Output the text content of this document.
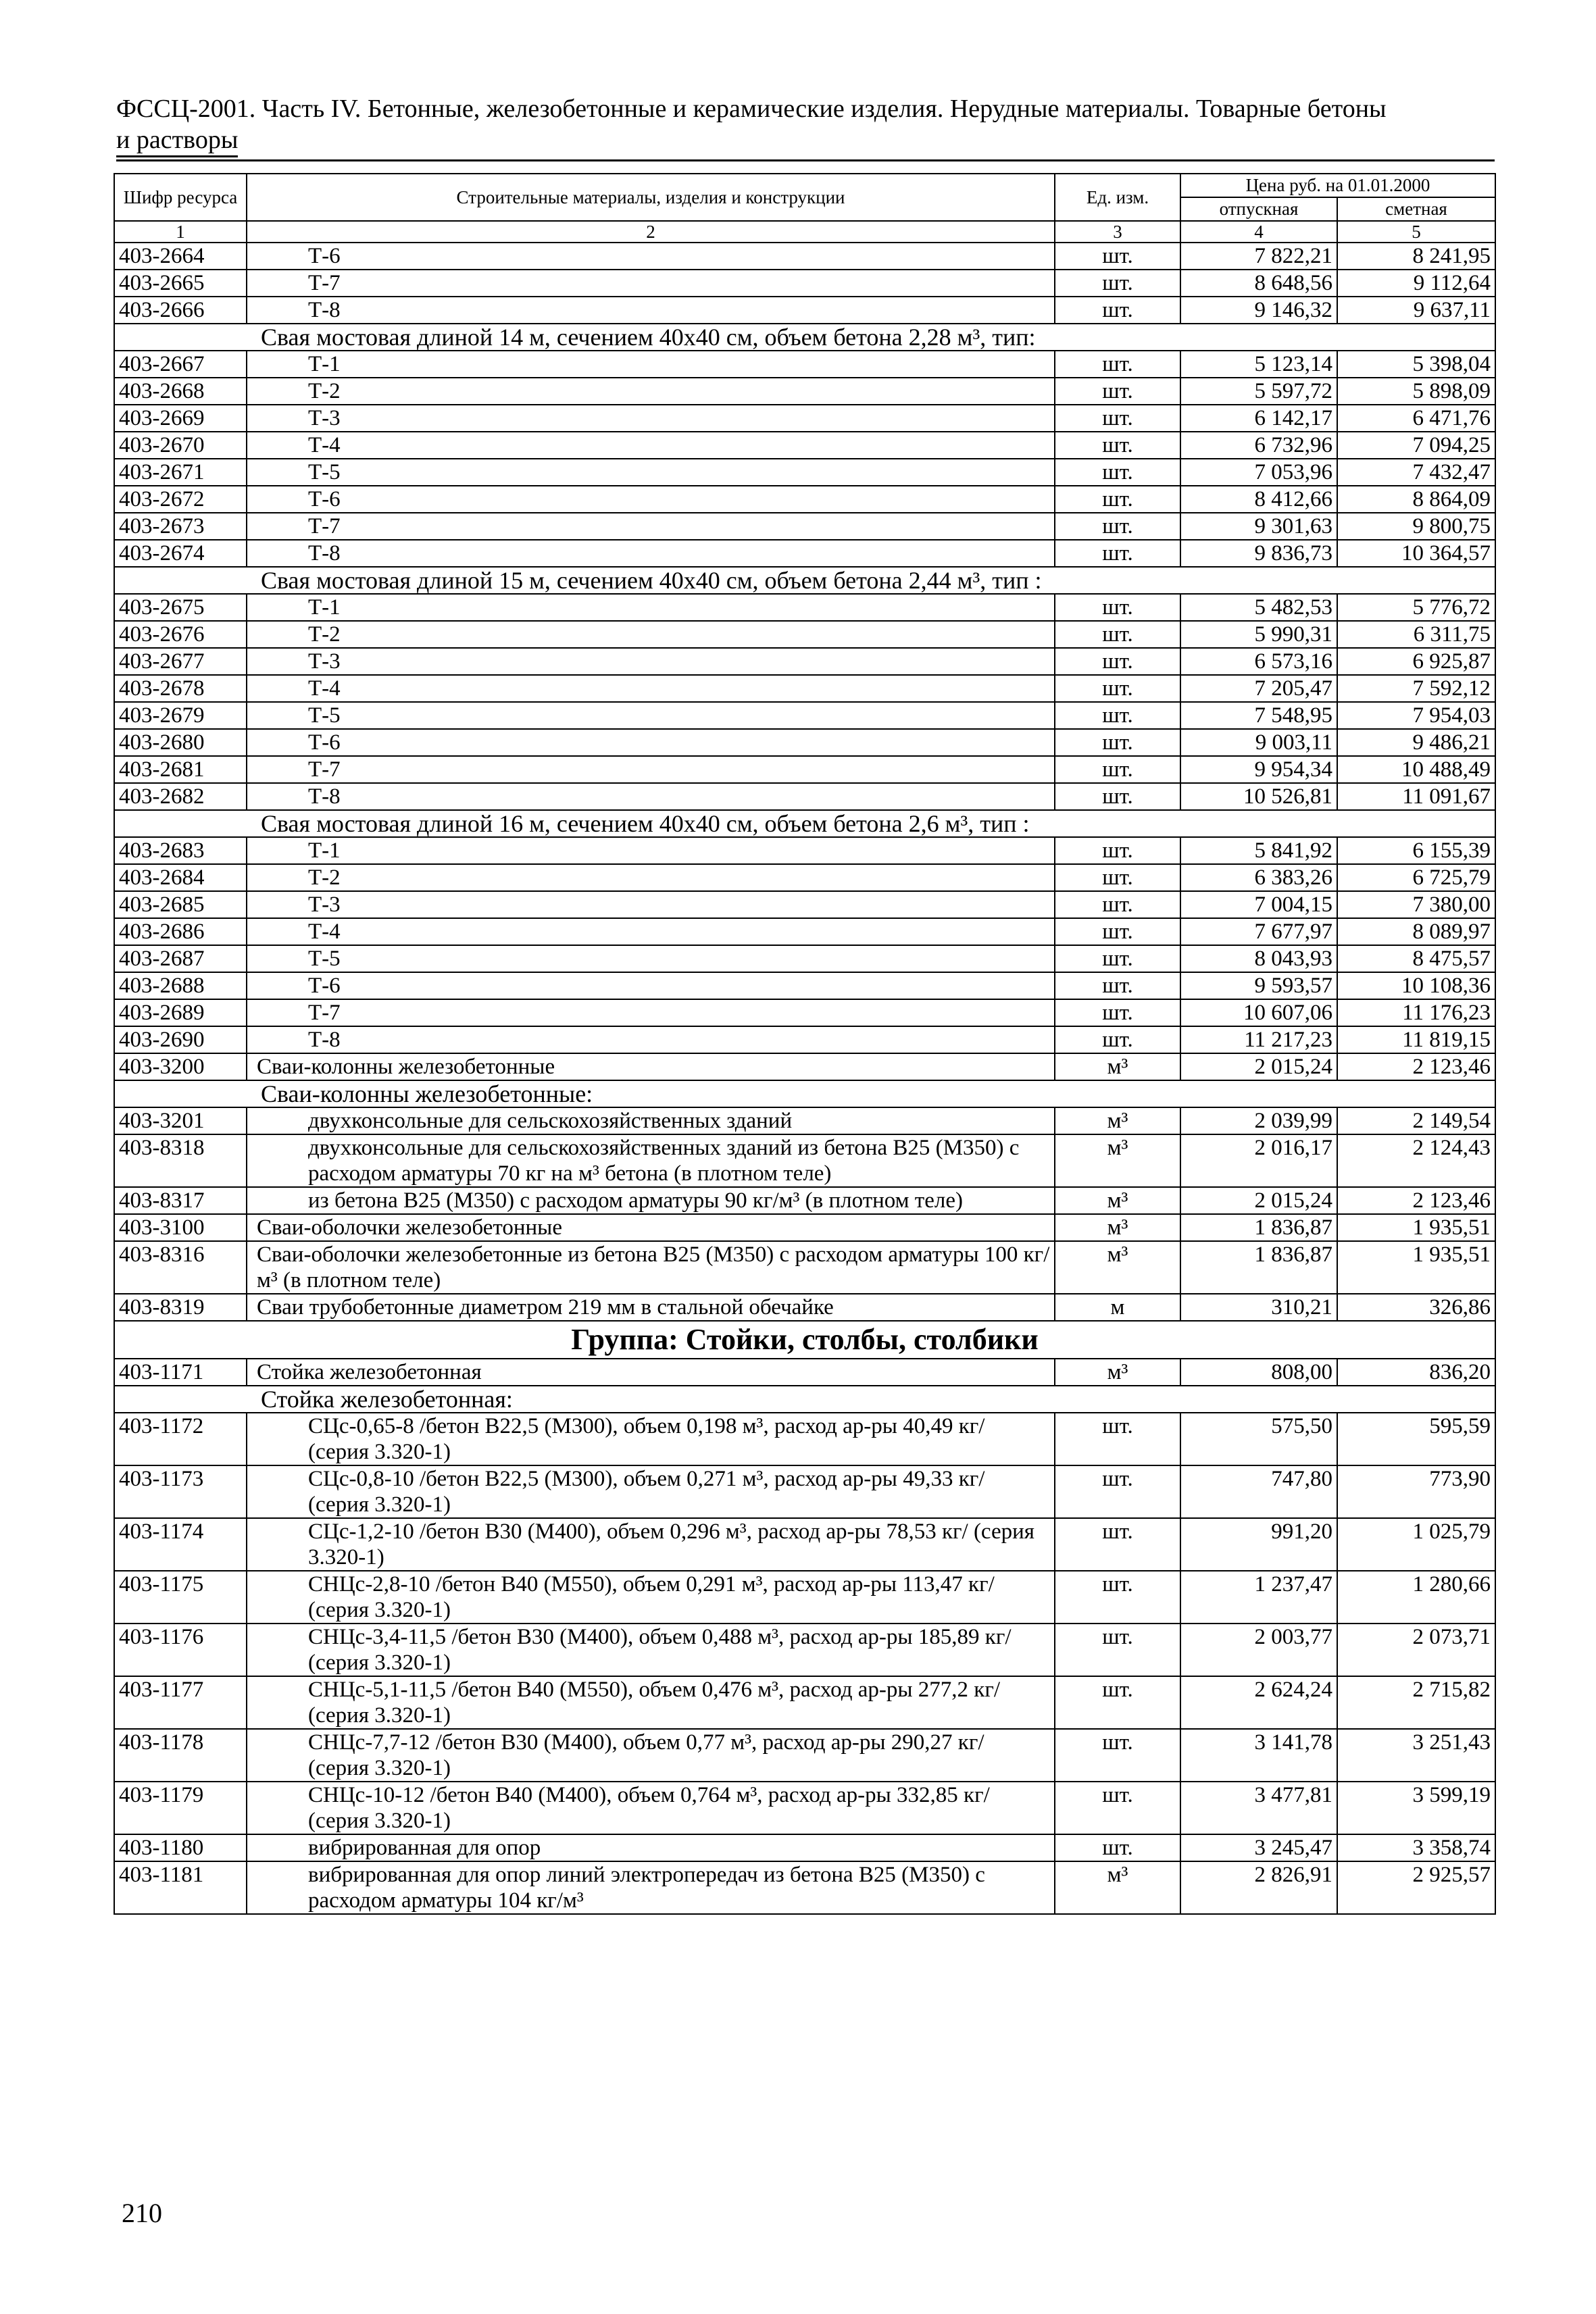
ФССЦ-2001. Часть IV. Бетонные, железобетонные и керамические изделия. Нерудные материалы. Товарные бетоны
и растворы
Шифр ресурса	Строительные материалы, изделия и конструкции	Ед. изм.	Цена руб. на 01.01.2000	
			отпускная	сметная
1	2	3	4	5
403-2664	Т-6	шт.	7 822,21	8 241,95
403-2665	Т-7	шт.	8 648,56	9 112,64
403-2666	Т-8	шт.	9 146,32	9 637,11
Свая мостовая длиной 14 м, сечением 40х40 см, объем бетона 2,28 м³, тип:				
403-2667	Т-1	шт.	5 123,14	5 398,04
403-2668	Т-2	шт.	5 597,72	5 898,09
403-2669	Т-3	шт.	6 142,17	6 471,76
403-2670	Т-4	шт.	6 732,96	7 094,25
403-2671	Т-5	шт.	7 053,96	7 432,47
403-2672	Т-6	шт.	8 412,66	8 864,09
403-2673	Т-7	шт.	9 301,63	9 800,75
403-2674	Т-8	шт.	9 836,73	10 364,57
Свая мостовая длиной 15 м, сечением 40х40 см, объем бетона 2,44 м³, тип :				
403-2675	Т-1	шт.	5 482,53	5 776,72
403-2676	Т-2	шт.	5 990,31	6 311,75
403-2677	Т-3	шт.	6 573,16	6 925,87
403-2678	Т-4	шт.	7 205,47	7 592,12
403-2679	Т-5	шт.	7 548,95	7 954,03
403-2680	Т-6	шт.	9 003,11	9 486,21
403-2681	Т-7	шт.	9 954,34	10 488,49
403-2682	Т-8	шт.	10 526,81	11 091,67
Свая мостовая длиной 16 м, сечением 40х40 см, объем бетона 2,6 м³, тип :				
403-2683	Т-1	шт.	5 841,92	6 155,39
403-2684	Т-2	шт.	6 383,26	6 725,79
403-2685	Т-3	шт.	7 004,15	7 380,00
403-2686	Т-4	шт.	7 677,97	8 089,97
403-2687	Т-5	шт.	8 043,93	8 475,57
403-2688	Т-6	шт.	9 593,57	10 108,36
403-2689	Т-7	шт.	10 607,06	11 176,23
403-2690	Т-8	шт.	11 217,23	11 819,15
403-3200	Сваи-колонны железобетонные	м³	2 015,24	2 123,46
Сваи-колонны железобетонные:				
403-3201	двухконсольные для сельскохозяйственных зданий	м³	2 039,99	2 149,54
403-8318	двухконсольные для сельскохозяйственных зданий из бетона В25 (М350) с расходом арматуры 70 кг на м³ бетона (в плотном теле)	м³	2 016,17	2 124,43
403-8317	из бетона В25 (М350) с расходом арматуры 90 кг/м³ (в плотном теле)	м³	2 015,24	2 123,46
403-3100	Сваи-оболочки железобетонные	м³	1 836,87	1 935,51
403-8316	Сваи-оболочки железобетонные из бетона В25 (М350) с расходом арматуры 100 кг/м³ (в плотном теле)	м³	1 836,87	1 935,51
403-8319	Сваи трубобетонные диаметром 219 мм в стальной обечайке	м	310,21	326,86
Группа: Стойки, столбы, столбики				
403-1171	Стойка железобетонная	м³	808,00	836,20
Стойка железобетонная:				
403-1172	СЦс-0,65-8 /бетон В22,5 (М300), объем 0,198 м³, расход ар-ры 40,49 кг/ (серия 3.320-1)	шт.	575,50	595,59
403-1173	СЦс-0,8-10 /бетон В22,5 (М300), объем 0,271 м³, расход ар-ры 49,33 кг/ (серия 3.320-1)	шт.	747,80	773,90
403-1174	СЦс-1,2-10 /бетон В30 (М400), объем 0,296 м³, расход ар-ры 78,53 кг/ (серия 3.320-1)	шт.	991,20	1 025,79
403-1175	СНЦс-2,8-10 /бетон В40 (М550), объем 0,291 м³, расход ар-ры 113,47 кг/ (серия 3.320-1)	шт.	1 237,47	1 280,66
403-1176	СНЦс-3,4-11,5 /бетон В30 (М400), объем 0,488 м³, расход ар-ры 185,89 кг/ (серия 3.320-1)	шт.	2 003,77	2 073,71
403-1177	СНЦс-5,1-11,5 /бетон В40 (М550), объем 0,476 м³, расход ар-ры 277,2 кг/ (серия 3.320-1)	шт.	2 624,24	2 715,82
403-1178	СНЦс-7,7-12 /бетон В30 (М400), объем 0,77 м³, расход ар-ры 290,27 кг/ (серия 3.320-1)	шт.	3 141,78	3 251,43
403-1179	СНЦс-10-12 /бетон В40 (М400), объем 0,764 м³, расход ар-ры 332,85 кг/ (серия 3.320-1)	шт.	3 477,81	3 599,19
403-1180	вибрированная для опор	шт.	3 245,47	3 358,74
403-1181	вибрированная для опор линий электропередач из бетона В25 (М350) с расходом арматуры 104 кг/м³	м³	2 826,91	2 925,57
210
